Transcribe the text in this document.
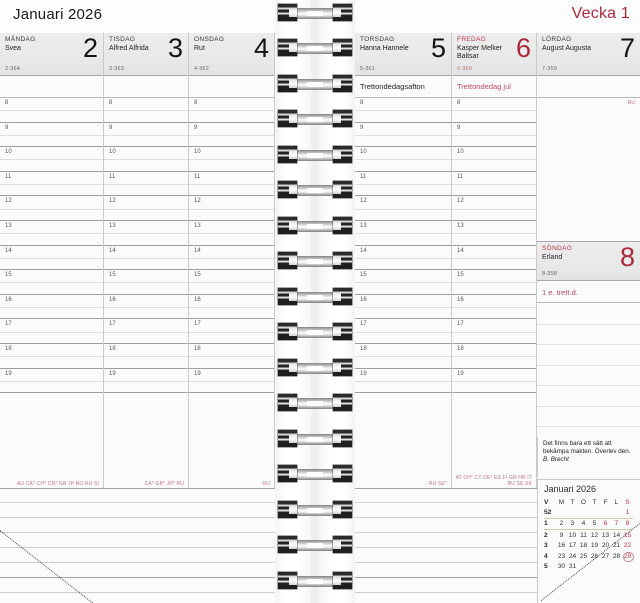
Januari 2026	Vecka 1
MÅNDAG
Svea 2
2-364
8
9
10
11
12
13
14
15
16
17
18
19
AU CA* CH* CN* GB JP RO RU SI
TISDAG
Alfred Alfrida 3
3-363
8
9
10
11
12
13
14
15
16
17
18
19
CA* GB* JP* RU
ONSDAG
Rut 4
4-362
8
9
10
11
12
13
14
15
16
17
18
19
RU
TORSDAG
Hanna Hannele 5
5-361
Trettondedagsafton
8
9
10
11
12
13
14
15
16
17
18
19
RU SE*
FREDAG
Kasper Melker
Baltsar	6
6-360
Trettondedag jul
8
9
10
11
12
13
14
15
16
17
18
19
AT CH* CY DE* ES FI GR HR IT
RU SE SK
LÖRDAG
August Augusta 7
7-359
RU
SÖNDAG
Erland 8
8-358
1 e. trett.d.
Det finns bara ett sätt att bekämpa makten. Överlev den.
B. Brecht
Januari 2026
V	M	T	O	T	F	L	S
52							1
1	2	3	4	5	6	7	8
2	9	10	11	12	13	14	15
3	16	17	18	19	20	21	22
4	23	24	25	26	27	28	29
5	30	31					
